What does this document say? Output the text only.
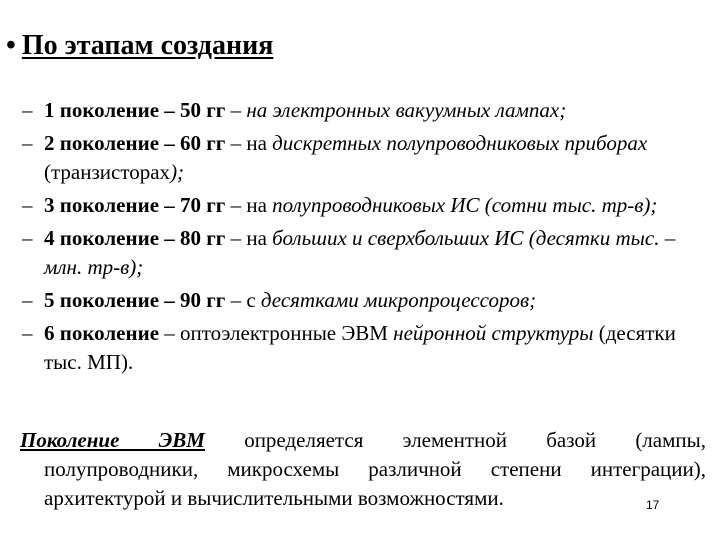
• По этапам создания
– 1 поколение – 50 гг – на электронных вакуумных лампах;
– 2 поколение – 60 гг – на дискретных полупроводниковых приборах (транзисторах);
– 3 поколение – 70 гг – на полупроводниковых ИС (сотни тыс. тр-в);
– 4 поколение – 80 гг – на больших и сверхбольших ИС (десятки тыс. – млн. тр-в);
– 5 поколение – 90 гг – с десятками микропроцессоров;
– 6 поколение – оптоэлектронные ЭВМ нейронной структуры (десятки тыс. МП).
Поколение ЭВМ определяется элементной базой (лампы,
полупроводники, микросхемы различной степени интеграции),
архитектурой и вычислительными возможностями.	17
